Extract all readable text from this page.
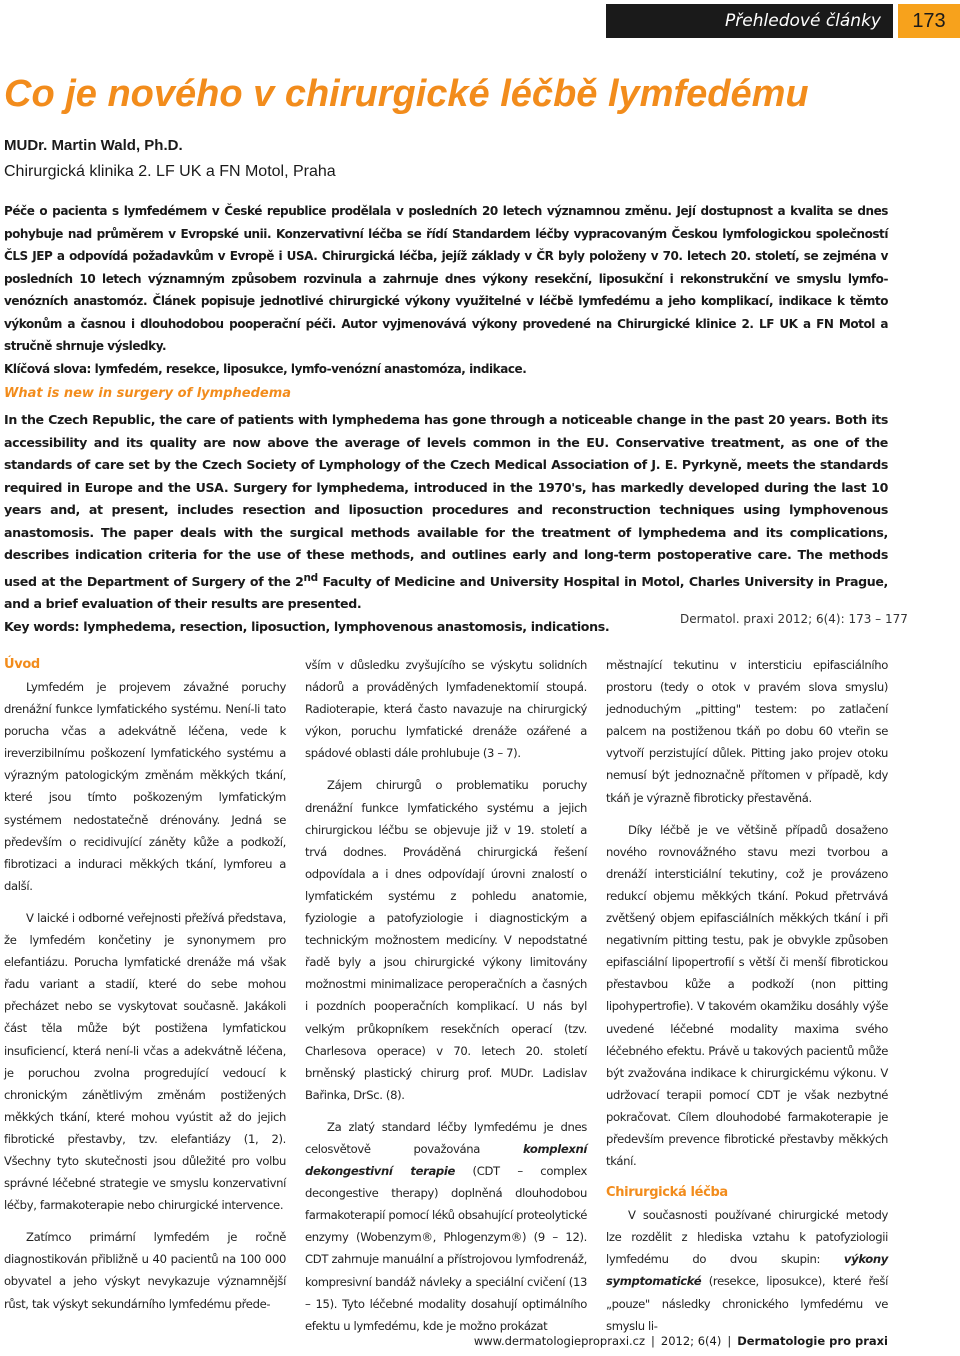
Přehledové články	173
Co je nového v chirurgické léčbě lymfedému
MUDr. Martin Wald, Ph.D.
Chirurgická klinika 2. LF UK a FN Motol, Praha
Péče o pacienta s lymfedémem v České republice prodělala v posledních 20 letech významnou změnu. Její dostupnost a kvalita se dnes pohybuje nad průměrem v Evropské unii. Konzervativní léčba se řídí Standardem léčby vypracovaným Českou lymfologickou společností ČLS JEP a odpovídá požadavkům v Evropě i USA. Chirurgická léčba, jejíž základy v ČR byly položeny v 70. letech 20. století, se zejména v posledních 10 letech významným způsobem rozvinula a zahrnuje dnes výkony resekční, liposukční i rekonstrukční ve smyslu lymfo- venózních anastomóz. Článek popisuje jednotlivé chirurgické výkony využitelné v léčbě lymfedému a jeho komplikací, indikace k těmto výkonům a časnou i dlouhodobou pooperační péči. Autor vyjmenovává výkony provedené na Chirurgické klinice 2. LF UK a FN Motol a stručně shrnuje výsledky.
Klíčová slova: lymfedém, resekce, liposukce, lymfo-venózní anastomóza, indikace.
What is new in surgery of lymphedema
In the Czech Republic, the care of patients with lymphedema has gone through a noticeable change in the past 20 years. Both its accessibility and its quality are now above the average of levels common in the EU. Conservative treatment, as one of the standards of care set by the Czech Society of Lymphology of the Czech Medical Association of J. E. Pyrkyně, meets the standards required in Europe and the USA. Surgery for lymphedema, introduced in the 1970's, has markedly developed during the last 10 years and, at present, includes resection and liposuction procedures and reconstruction techniques using lymphovenous anastomosis. The paper deals with the surgical methods available for the treatment of lymphedema and its complications, describes indication criteria for the use of these methods, and outlines early and long-term postoperative care. The methods used at the Department of Surgery of the 2nd Faculty of Medicine and University Hospital in Motol, Charles University in Prague, and a brief evaluation of their results are presented.
Key words: lymphedema, resection, liposuction, lymphovenous anastomosis, indications.	Dermatol. praxi 2012; 6(4): 173 – 177
Úvod

Lymfedém je projevem závažné poruchy drenážní funkce lymfatického systému. Není-li tato porucha včas a adekvátně léčena, vede k ireverzibilnímu poškození lymfatického systému a výrazným patologickým změnám měkkých tkání, které jsou tímto poškozeným lymfatickým systémem nedostatečně drénovány. Jedná se především o recidivující záněty kůže a podkoží, fibrotizaci a induraci měkkých tkání, lymforeu a další.

V laické i odborné veřejnosti přežívá představa, že lymfedém končetiny je synonymem pro elefantiázu. Porucha lymfatické drenáže má však řadu variant a stadií, které do sebe mohou přecházet nebo se vyskytovat současně. Jakákoli část těla může být postižena lymfatickou insuficiencí, která není-li včas a adekvátně léčena, je poruchou zvolna progredující vedoucí k chronickým zánětlivým změnám postižených měkkých tkání, které mohou vyústit až do jejich fibrotické přestavby, tzv. elefantiázy (1, 2). Všechny tyto skutečnosti jsou důležité pro volbu správné léčebné strategie ve smyslu konzervativní léčby, farmakoterapie nebo chirurgické intervence.

Zatímco primární lymfedém je ročně diagnostikován přibližně u 40 pacientů na 100 000 obyvatel a jeho výskyt nevykazuje významnější růst, tak výskyt sekundárního lymfedému přede-

vším v důsledku zvyšujícího se výskytu solidních nádorů a prováděných lymfadenektomií stoupá. Radioterapie, která často navazuje na chirurgický výkon, poruchu lymfatické drenáže ozářené a spádové oblasti dále prohlubuje (3 – 7).

Zájem chirurgů o problematiku poruchy drenážní funkce lymfatického systému a jejich chirurgickou léčbu se objevuje již v 19. století a trvá dodnes. Prováděná chirurgická řešení odpovídala a i dnes odpovídají úrovni znalostí o lymfatickém systému z pohledu anatomie, fyziologie a patofyziologie i diagnostickým a technickým možnostem medicíny. V nepodstatné řadě byly a jsou chirurgické výkony limitovány možnostmi minimalizace peroperačních a časných i pozdních pooperačních komplikací. U nás byl velkým průkopníkem resekčních operací (tzv. Charlesova operace) v 70. letech 20. století brněnský plastický chirurg prof. MUDr. Ladislav Bařinka, DrSc. (8).

Za zlatý standard léčby lymfedému je dnes celosvětově považována komplexní dekongestivní terapie (CDT – complex decongestive therapy) doplněná dlouhodobou farmakoterapií pomocí léků obsahující proteolytické enzymy (Wobenzym®, Phlogenzym®) (9 – 12). CDT zahrnuje manuální a přístrojovou lymfodrenáž, kompresivní bandáž návleky a speciální cvičení (13 – 15). Tyto léčebné modality dosahují optimálního efektu u lymfedému, kde je možno prokázat

městnající tekutinu v intersticiu epifasciálního prostoru (tedy o otok v pravém slova smyslu) jednoduchým „pitting" testem: po zatlačení palcem na postiženou tkáň po dobu 60 vteřin se vytvoří perzistující důlek. Pitting jako projev otoku nemusí být jednoznačně přítomen v případě, kdy tkáň je výrazně fibroticky přestavěná.

Díky léčbě je ve většině případů dosaženo nového rovnovážného stavu mezi tvorbou a drenáží intersticiální tekutiny, což je provázeno redukcí objemu měkkých tkání. Pokud přetrvává zvětšený objem epifasciálních měkkých tkání i při negativním pitting testu, pak je obvykle způsoben epifasciální lipopertrofií s větší či menší fibrotickou přestavbou kůže a podkoží (non pitting lipohypertrofie). V takovém okamžiku dosáhly výše uvedené léčebné modality maxima svého léčebného efektu. Právě u takových pacientů může být zvažována indikace k chirurgickému výkonu. V udržovací terapii pomocí CDT je však nezbytné pokračovat. Cílem dlouhodobé farmakoterapie je především prevence fibrotické přestavby měkkých tkání.

Chirurgická léčba

V současnosti používané chirurgické metody lze rozdělit z hlediska vztahu k patofyziologii lymfedému do dvou skupin: výkony symptomatické (resekce, liposukce), které řeší „pouze" následky chronického lymfedému ve smyslu li-

www.dermatologiepropraxi.cz | 2012; 6(4) | Dermatologie pro praxi
